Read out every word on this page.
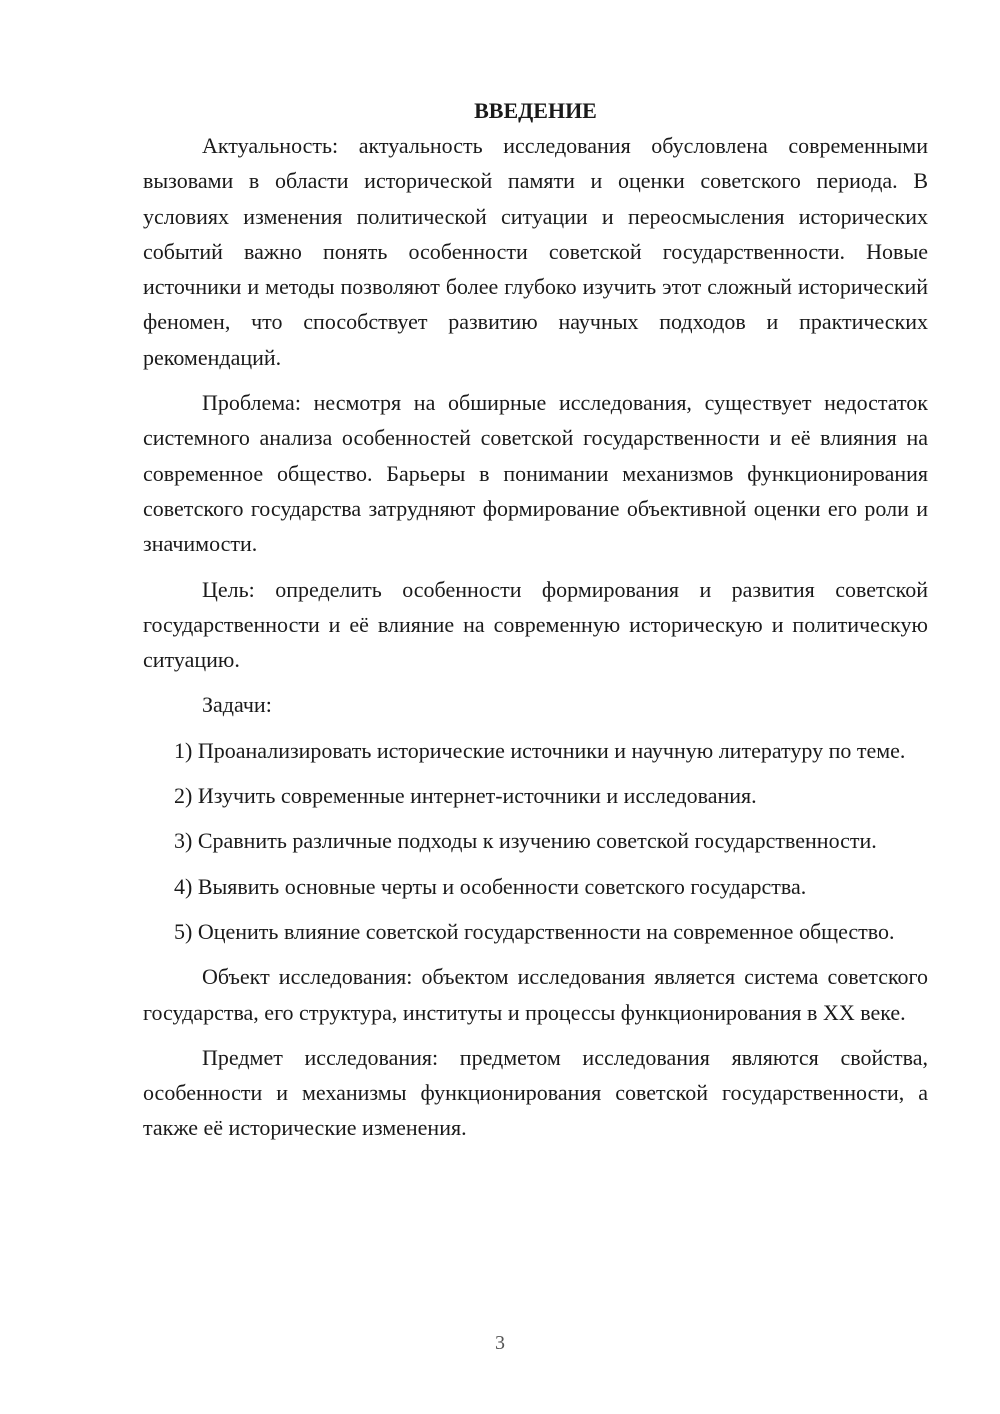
ВВЕДЕНИЕ

Актуальность: актуальность исследования обусловлена современными вызовами в области исторической памяти и оценки советского периода. В условиях изменения политической ситуации и переосмысления исторических событий важно понять особенности советской государственности. Новые источники и методы позволяют более глубоко изучить этот сложный исторический феномен, что способствует развитию научных подходов и практических рекомендаций.

Проблема: несмотря на обширные исследования, существует недостаток системного анализа особенностей советской государственности и её влияния на современное общество. Барьеры в понимании механизмов функционирования советского государства затрудняют формирование объективной оценки его роли и значимости.

Цель: определить особенности формирования и развития советской государственности и её влияние на современную историческую и политическую ситуацию.

Задачи:

1) Проанализировать исторические источники и научную литературу по теме.

2) Изучить современные интернет-источники и исследования.

3) Сравнить различные подходы к изучению советской государственности.

4) Выявить основные черты и особенности советского государства.

5) Оценить влияние советской государственности на современное общество.

Объект исследования: объектом исследования является система советского государства, его структура, институты и процессы функционирования в XX веке.

Предмет исследования: предметом исследования являются свойства, особенности и механизмы функционирования советской государственности, а также её исторические изменения.

3
